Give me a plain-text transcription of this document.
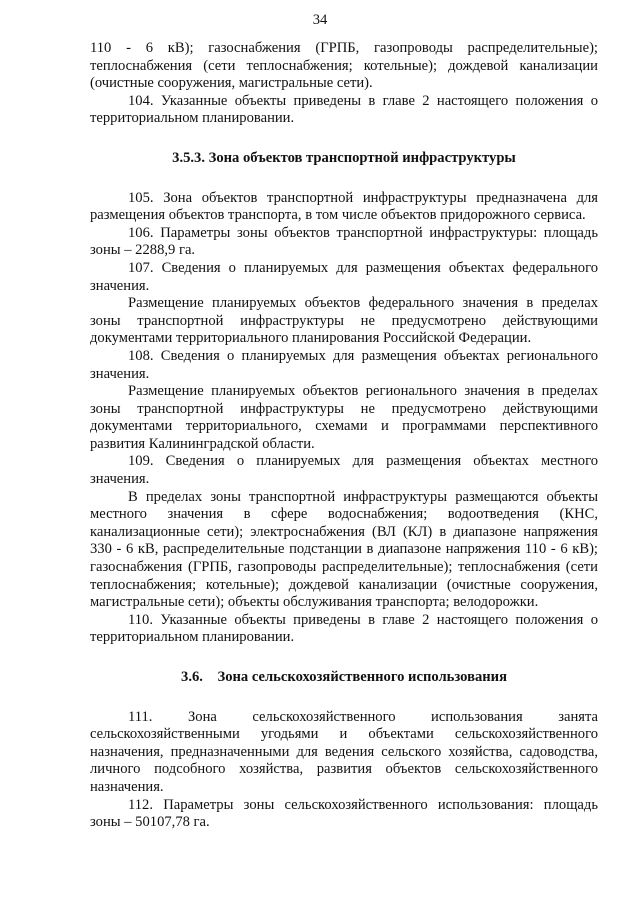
34

110 - 6 кВ); газоснабжения (ГРПБ, газопроводы распределительные); теплоснабжения (сети теплоснабжения; котельные); дождевой канализации (очистные сооружения, магистральные сети).

104. Указанные объекты приведены в главе 2 настоящего положения о территориальном планировании.

3.5.3. Зона объектов транспортной инфраструктуры

105. Зона объектов транспортной инфраструктуры предназначена для размещения объектов транспорта, в том числе объектов придорожного сервиса.

106. Параметры зоны объектов транспортной инфраструктуры: площадь зоны – 2288,9 га.

107. Сведения о планируемых для размещения объектах федерального значения.

Размещение планируемых объектов федерального значения в пределах зоны транспортной инфраструктуры не предусмотрено действующими документами территориального планирования Российской Федерации.

108. Сведения о планируемых для размещения объектах регионального значения.

Размещение планируемых объектов регионального значения в пределах зоны транспортной инфраструктуры не предусмотрено действующими документами территориального, схемами и программами перспективного развития Калининградской области.

109. Сведения о планируемых для размещения объектах местного значения.

В пределах зоны транспортной инфраструктуры размещаются объекты местного значения в сфере водоснабжения; водоотведения (КНС, канализационные сети); электроснабжения (ВЛ (КЛ) в диапазоне напряжения 330 - 6 кВ, распределительные подстанции в диапазоне напряжения 110 - 6 кВ); газоснабжения (ГРПБ, газопроводы распределительные); теплоснабжения (сети теплоснабжения; котельные); дождевой канализации (очистные сооружения, магистральные сети); объекты обслуживания транспорта; велодорожки.

110. Указанные объекты приведены в главе 2 настоящего положения о территориальном планировании.

3.6.    Зона сельскохозяйственного использования

111. Зона сельскохозяйственного использования занята сельскохозяйственными угодьями и объектами сельскохозяйственного назначения, предназначенными для ведения сельского хозяйства, садоводства, личного подсобного хозяйства, развития объектов сельскохозяйственного назначения.

112. Параметры зоны сельскохозяйственного использования: площадь зоны – 50107,78 га.
